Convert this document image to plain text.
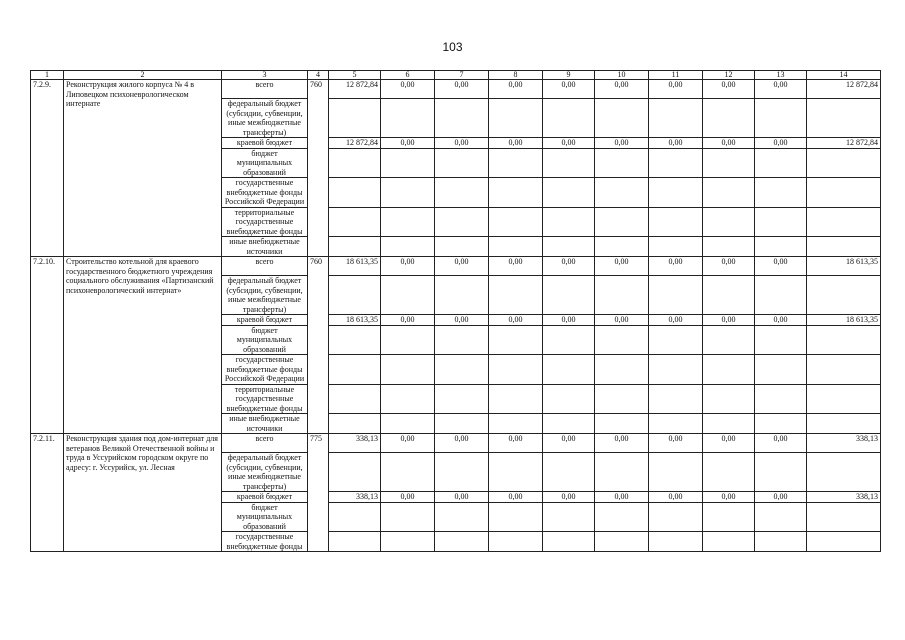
103
1	2	3	4	5	6	7	8	9	10	11	12	13	14
7.2.9.	Реконструкция жилого корпуса № 4 в Липовецком психоневрологическом интернате	всего	760	12 872,84	0,00	0,00	0,00	0,00	0,00	0,00	0,00	0,00	12 872,84
		федеральный бюджет (субсидии, субвенции, иные межбюджетные трансферты)											
		краевой бюджет		12 872,84	0,00	0,00	0,00	0,00	0,00	0,00	0,00	0,00	12 872,84
		бюджет муниципальных образований											
		государственные внебюджетные фонды Российской Федерации											
		территориальные государственные внебюджетные фонды											
		иные внебюджетные источники											
7.2.10.	Строительство котельной для краевого государственного бюджетного учреждения социального обслуживания «Партизанский психоневрологический интернат»	всего	760	18 613,35	0,00	0,00	0,00	0,00	0,00	0,00	0,00	0,00	18 613,35
		федеральный бюджет (субсидии, субвенции, иные межбюджетные трансферты)											
		краевой бюджет		18 613,35	0,00	0,00	0,00	0,00	0,00	0,00	0,00	0,00	18 613,35
		бюджет муниципальных образований											
		государственные внебюджетные фонды Российской Федерации											
		территориальные государственные внебюджетные фонды											
		иные внебюджетные источники											
7.2.11.	Реконструкция здания под дом-интернат для ветеранов Великой Отечественной войны и труда в Уссурийском городском округе по адресу: г. Уссурийск, ул. Лесная	всего	775	338,13	0,00	0,00	0,00	0,00	0,00	0,00	0,00	0,00	338,13
		федеральный бюджет (субсидии, субвенции, иные межбюджетные трансферты)											
		краевой бюджет		338,13	0,00	0,00	0,00	0,00	0,00	0,00	0,00	0,00	338,13
		бюджет муниципальных образований											
		государственные внебюджетные фонды											
